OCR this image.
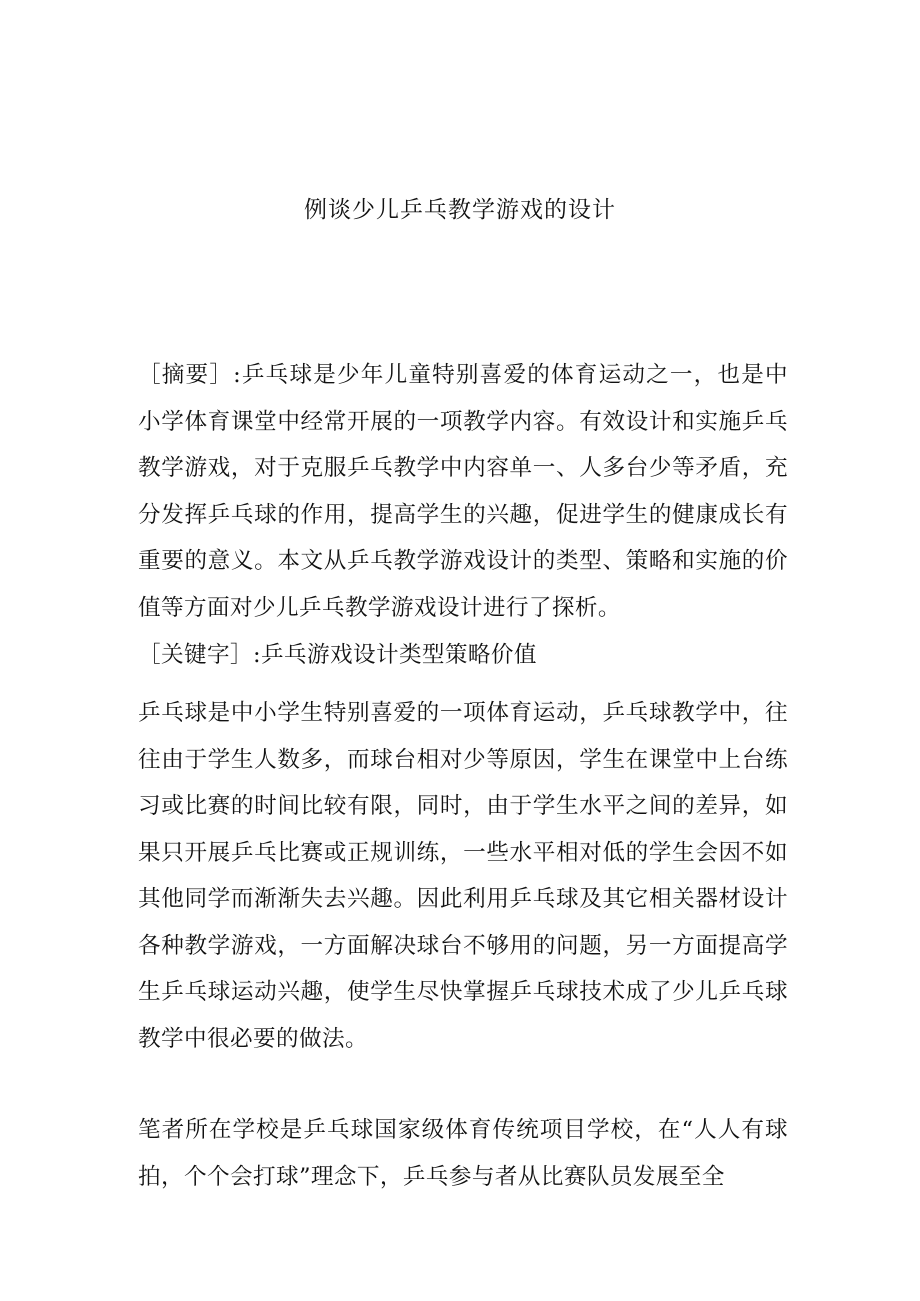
例谈少儿乒乓教学游戏的设计

［摘要］:乒乓球是少年儿童特别喜爱的体育运动之一，也是中小学体育课堂中经常开展的一项教学内容。有效设计和实施乒乓教学游戏，对于克服乒乓教学中内容单一、人多台少等矛盾，充分发挥乒乓球的作用，提高学生的兴趣，促进学生的健康成长有重要的意义。本文从乒乓教学游戏设计的类型、策略和实施的价值等方面对少儿乒乓教学游戏设计进行了探析。

［关键字］:乒乓游戏设计类型策略价值

乒乓球是中小学生特别喜爱的一项体育运动，乒乓球教学中，往往由于学生人数多，而球台相对少等原因，学生在课堂中上台练习或比赛的时间比较有限，同时，由于学生水平之间的差异，如果只开展乒乓比赛或正规训练，一些水平相对低的学生会因不如其他同学而渐渐失去兴趣。因此利用乒乓球及其它相关器材设计各种教学游戏，一方面解决球台不够用的问题，另一方面提高学生乒乓球运动兴趣，使学生尽快掌握乒乓球技术成了少儿乒乓球教学中很必要的做法。

笔者所在学校是乒乓球国家级体育传统项目学校，在“人人有球拍，个个会打球”理念下，乒乓参与者从比赛队员发展至全
